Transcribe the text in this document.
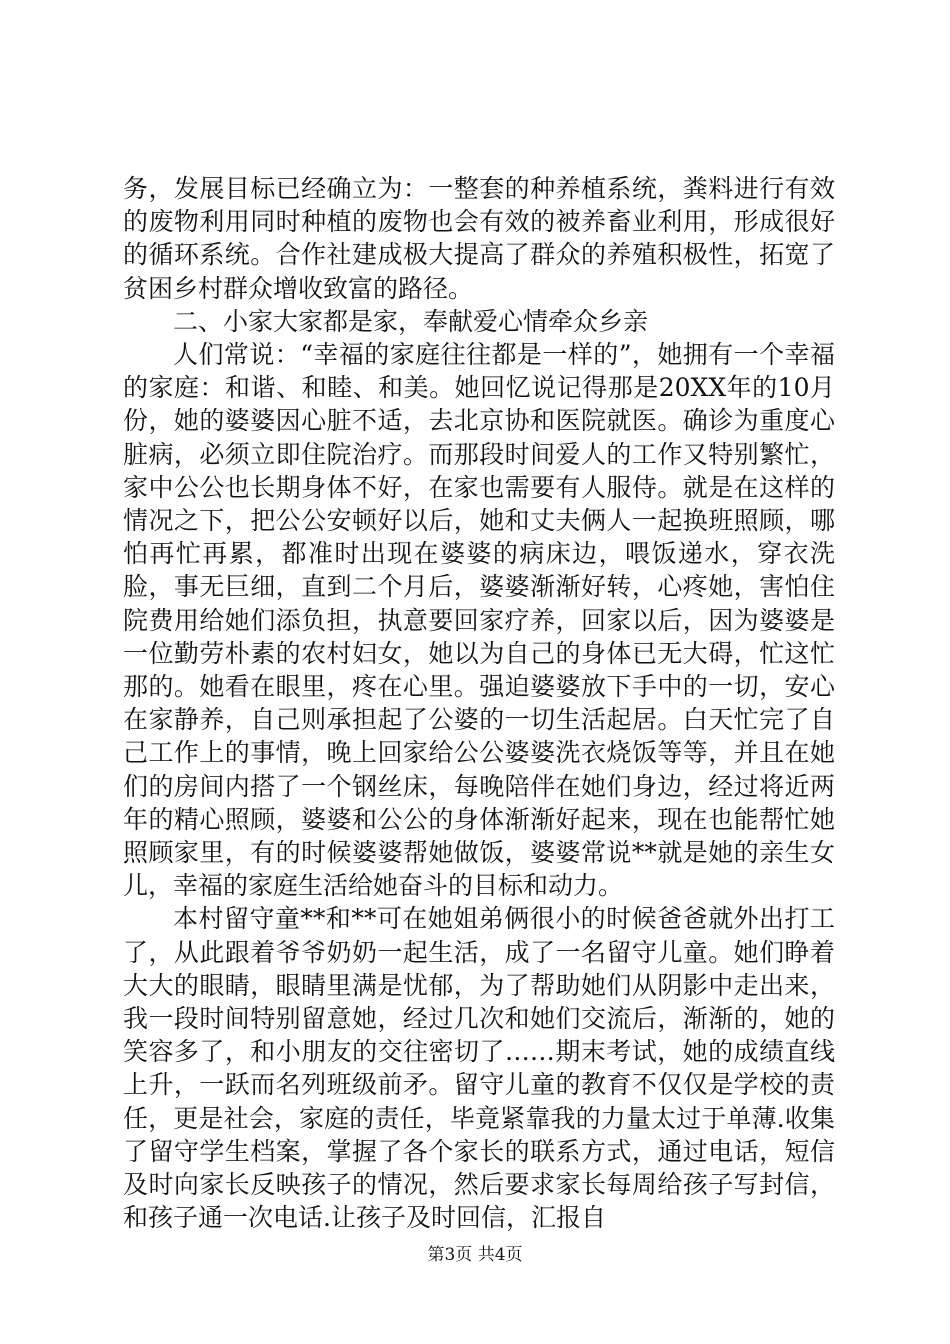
务，发展目标已经确立为：一整套的种养植系统，粪料进行有效的废物利用同时种植的废物也会有效的被养畜业利用，形成很好的循环系统。合作社建成极大提高了群众的养殖积极性，拓宽了贫困乡村群众增收致富的路径。

二、小家大家都是家，奉献爱心情牵众乡亲

人们常说：“幸福的家庭往往都是一样的”，她拥有一个幸福的家庭：和谐、和睦、和美。她回忆说记得那是20XX年的10月份，她的婆婆因心脏不适，去北京协和医院就医。确诊为重度心脏病，必须立即住院治疗。而那段时间爱人的工作又特别繁忙，家中公公也长期身体不好，在家也需要有人服侍。就是在这样的情况之下，把公公安顿好以后，她和丈夫俩人一起换班照顾，哪怕再忙再累，都准时出现在婆婆的病床边，喂饭递水，穿衣洗脸，事无巨细，直到二个月后，婆婆渐渐好转，心疼她，害怕住院费用给她们添负担，执意要回家疗养，回家以后，因为婆婆是一位勤劳朴素的农村妇女，她以为自己的身体已无大碍，忙这忙那的。她看在眼里，疼在心里。强迫婆婆放下手中的一切，安心在家静养，自己则承担起了公婆的一切生活起居。白天忙完了自己工作上的事情，晚上回家给公公婆婆洗衣烧饭等等，并且在她们的房间内搭了一个钢丝床，每晚陪伴在她们身边，经过将近两年的精心照顾，婆婆和公公的身体渐渐好起来，现在也能帮忙她照顾家里，有的时候婆婆帮她做饭，婆婆常说**就是她的亲生女儿，幸福的家庭生活给她奋斗的目标和动力。

本村留守童**和**可在她姐弟俩很小的时候爸爸就外出打工了，从此跟着爷爷奶奶一起生活，成了一名留守儿童。她们睁着大大的眼睛，眼睛里满是忧郁，为了帮助她们从阴影中走出来，我一段时间特别留意她，经过几次和她们交流后，渐渐的，她的笑容多了，和小朋友的交往密切了……期末考试，她的成绩直线上升，一跃而名列班级前矛。留守儿童的教育不仅仅是学校的责任，更是社会，家庭的责任，毕竟紧靠我的力量太过于单薄.收集了留守学生档案，掌握了各个家长的联系方式，通过电话，短信及时向家长反映孩子的情况，然后要求家长每周给孩子写封信，和孩子通一次电话.让孩子及时回信，汇报自

第3页 共4页
